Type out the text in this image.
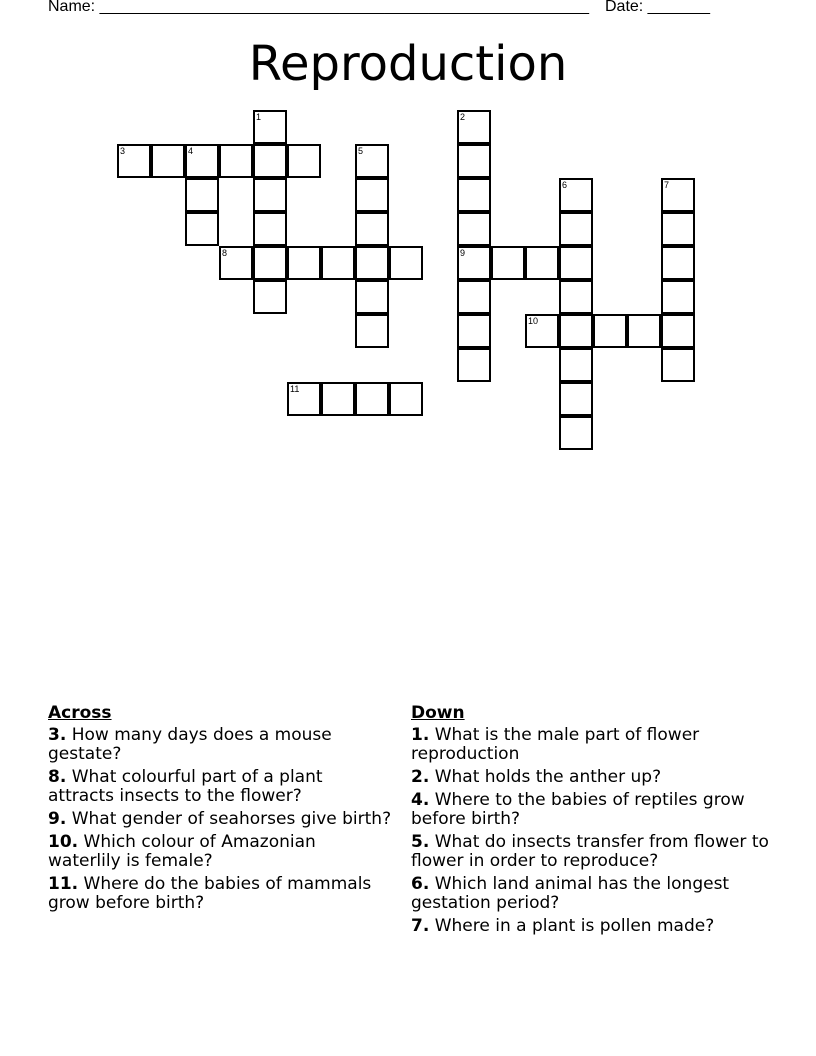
Name: _______________________________________________________ Date: _______
Reproduction
1	2
9
3	4	5
6	7
8
10
11
Across
3. How many days does a mouse gestate?
8. What colourful part of a plant attracts insects to the flower?
9. What gender of seahorses give birth?
10. Which colour of Amazonian waterlily is female?
11. Where do the babies of mammals grow before birth?
Down
1. What is the male part of flower reproduction
2. What holds the anther up?
4. Where to the babies of reptiles grow before birth?
5. What do insects transfer from flower to flower in order to reproduce?
6. Which land animal has the longest gestation period?
7. Where in a plant is pollen made?
